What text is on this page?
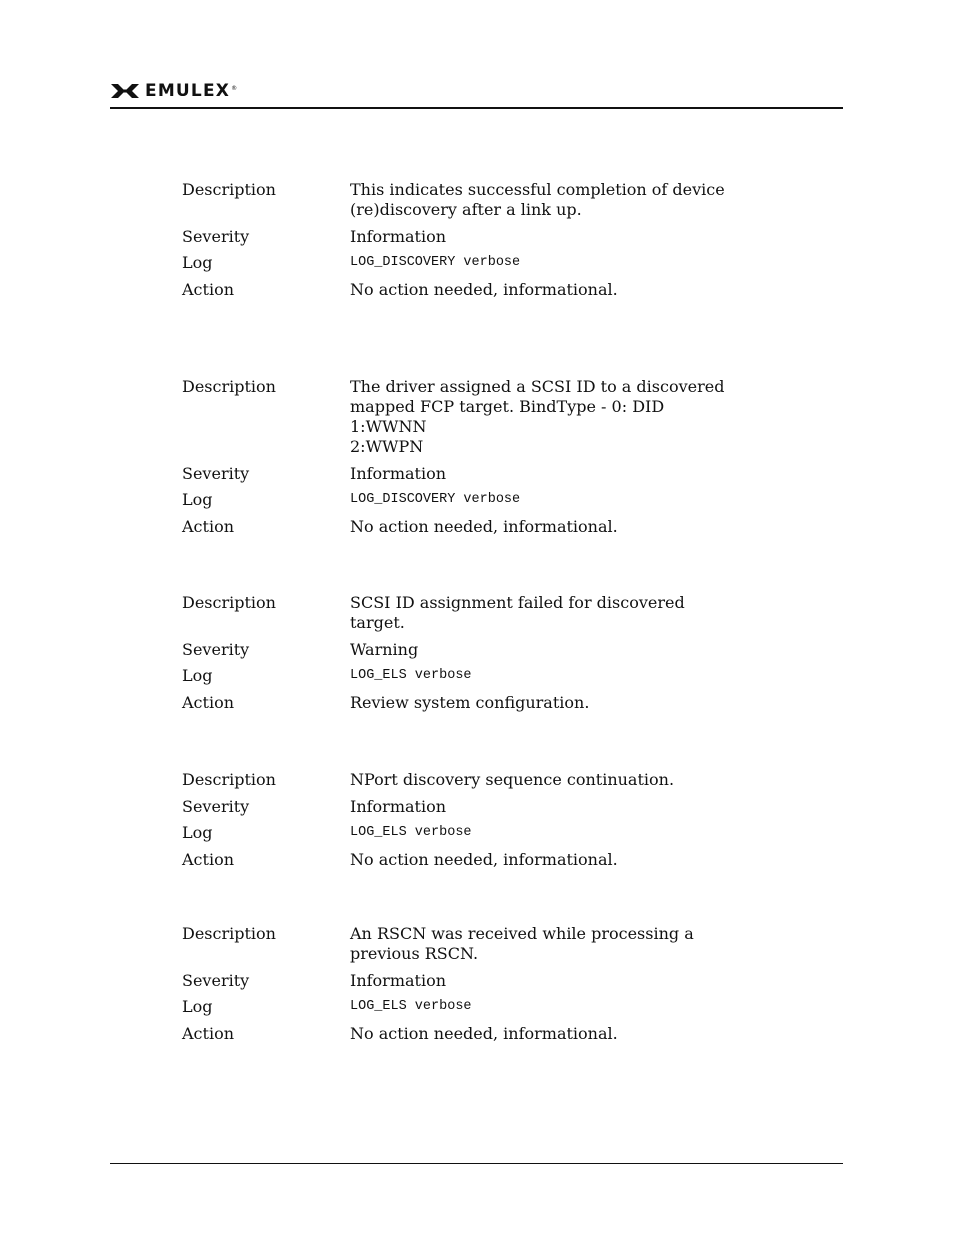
EMULEX ®
Description	This indicates successful completion of device
(re)discovery after a link up.
Severity	Information
Log	LOG_DISCOVERY verbose
Action	No action needed, informational.
Description	The driver assigned a SCSI ID to a discovered
mapped FCP target. BindType - 0: DID 1:WWNN
2:WWPN
Severity	Information
Log	LOG_DISCOVERY verbose
Action	No action needed, informational.
Description	SCSI ID assignment failed for discovered target.
Severity	Warning
Log	LOG_ELS verbose
Action	Review system configuration.
Description	NPort discovery sequence continuation.
Severity	Information
Log	LOG_ELS verbose
Action	No action needed, informational.
Description	An RSCN was received while processing a
previous RSCN.
Severity	Information
Log	LOG_ELS verbose
Action	No action needed, informational.
